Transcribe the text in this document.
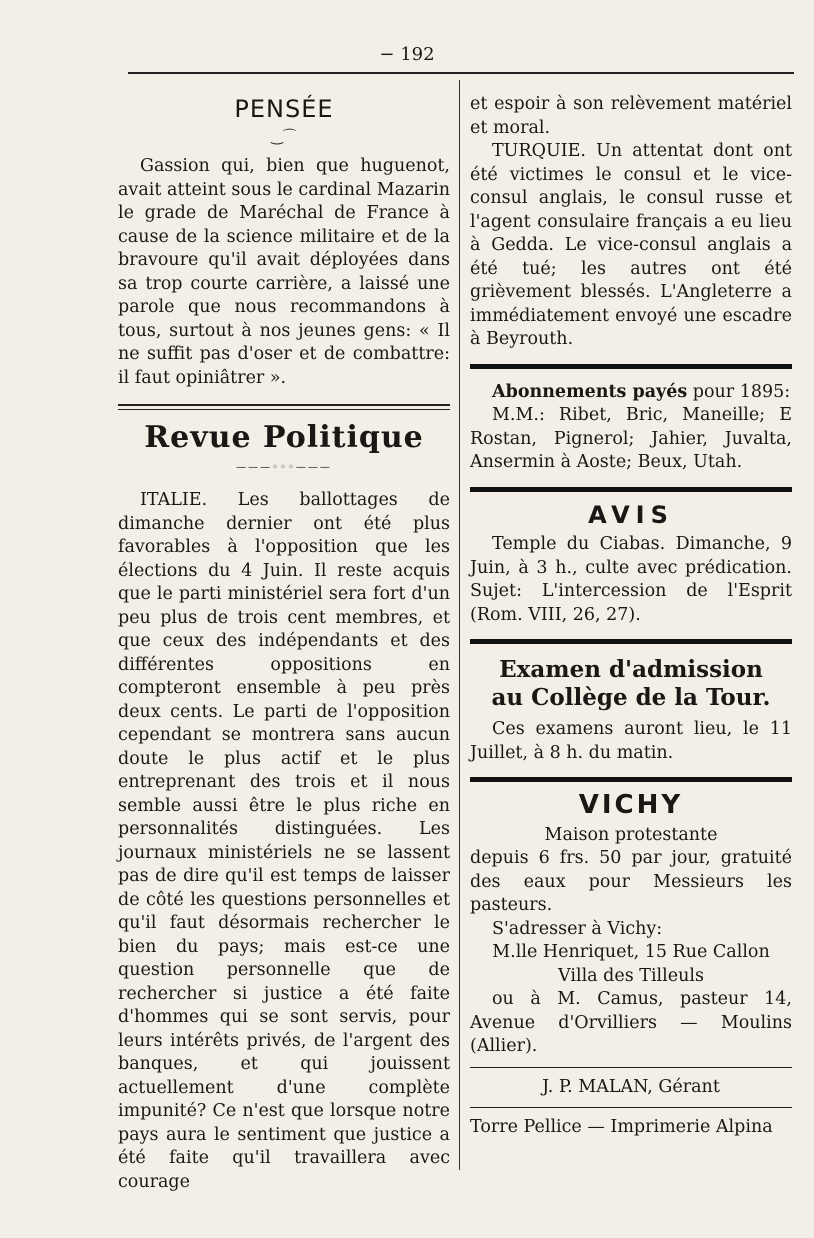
− 192
PENSÉE
‿⌒

Gassion qui, bien que huguenot, avait atteint sous le cardinal Mazarin le grade de Maréchal de France à cause de la science militaire et de la bravoure qu'il avait déployées dans sa trop courte carrière, a laissé une parole que nous recommandons à tous, surtout à nos jeunes gens: « Il ne suffit pas d'oser et de combattre: il faut opiniâtrer ».

Revue Politique
———◦◦◦———

ITALIE. Les ballottages de dimanche dernier ont été plus favorables à l'opposition que les élections du 4 Juin. Il reste acquis que le parti ministériel sera fort d'un peu plus de trois cent membres, et que ceux des indépendants et des différentes oppositions en compteront ensemble à peu près deux cents. Le parti de l'opposition cependant se montrera sans aucun doute le plus actif et le plus entreprenant des trois et il nous semble aussi être le plus riche en personnalités distinguées. Les journaux ministériels ne se lassent pas de dire qu'il est temps de laisser de côté les questions personnelles et qu'il faut désormais rechercher le bien du pays; mais est-ce une question personnelle que de rechercher si justice a été faite d'hommes qui se sont servis, pour leurs intérêts privés, de l'argent des banques, et qui jouissent actuellement d'une complète impunité? Ce n'est que lorsque notre pays aura le sentiment que justice a été faite qu'il travaillera avec courage

et espoir à son relèvement matériel et moral.

TURQUIE. Un attentat dont ont été victimes le consul et le vice-consul anglais, le consul russe et l'agent consulaire français a eu lieu à Gedda. Le vice-consul anglais a été tué; les autres ont été grièvement blessés. L'Angleterre a immédiatement envoyé une escadre à Beyrouth.

Abonnements payés pour 1895:

M.M.: Ribet, Bric, Maneille; E Rostan, Pignerol; Jahier, Juvalta, Ansermin à Aoste; Beux, Utah.

AVIS

Temple du Ciabas. Dimanche, 9 Juin, à 3 h., culte avec prédication. Sujet: L'intercession de l'Esprit (Rom. VIII, 26, 27).

Examen d'admission
au Collège de la Tour.

Ces examens auront lieu, le 11 Juillet, à 8 h. du matin.

VICHY

Maison protestante

depuis 6 frs. 50 par jour, gratuité des eaux pour Messieurs les pasteurs.

S'adresser à Vichy:

M.lle Henriquet, 15 Rue Callon

Villa des Tilleuls

ou à M. Camus, pasteur 14, Avenue d'Orvilliers — Moulins (Allier).

J. P. MALAN, Gérant

Torre Pellice — Imprimerie Alpina
